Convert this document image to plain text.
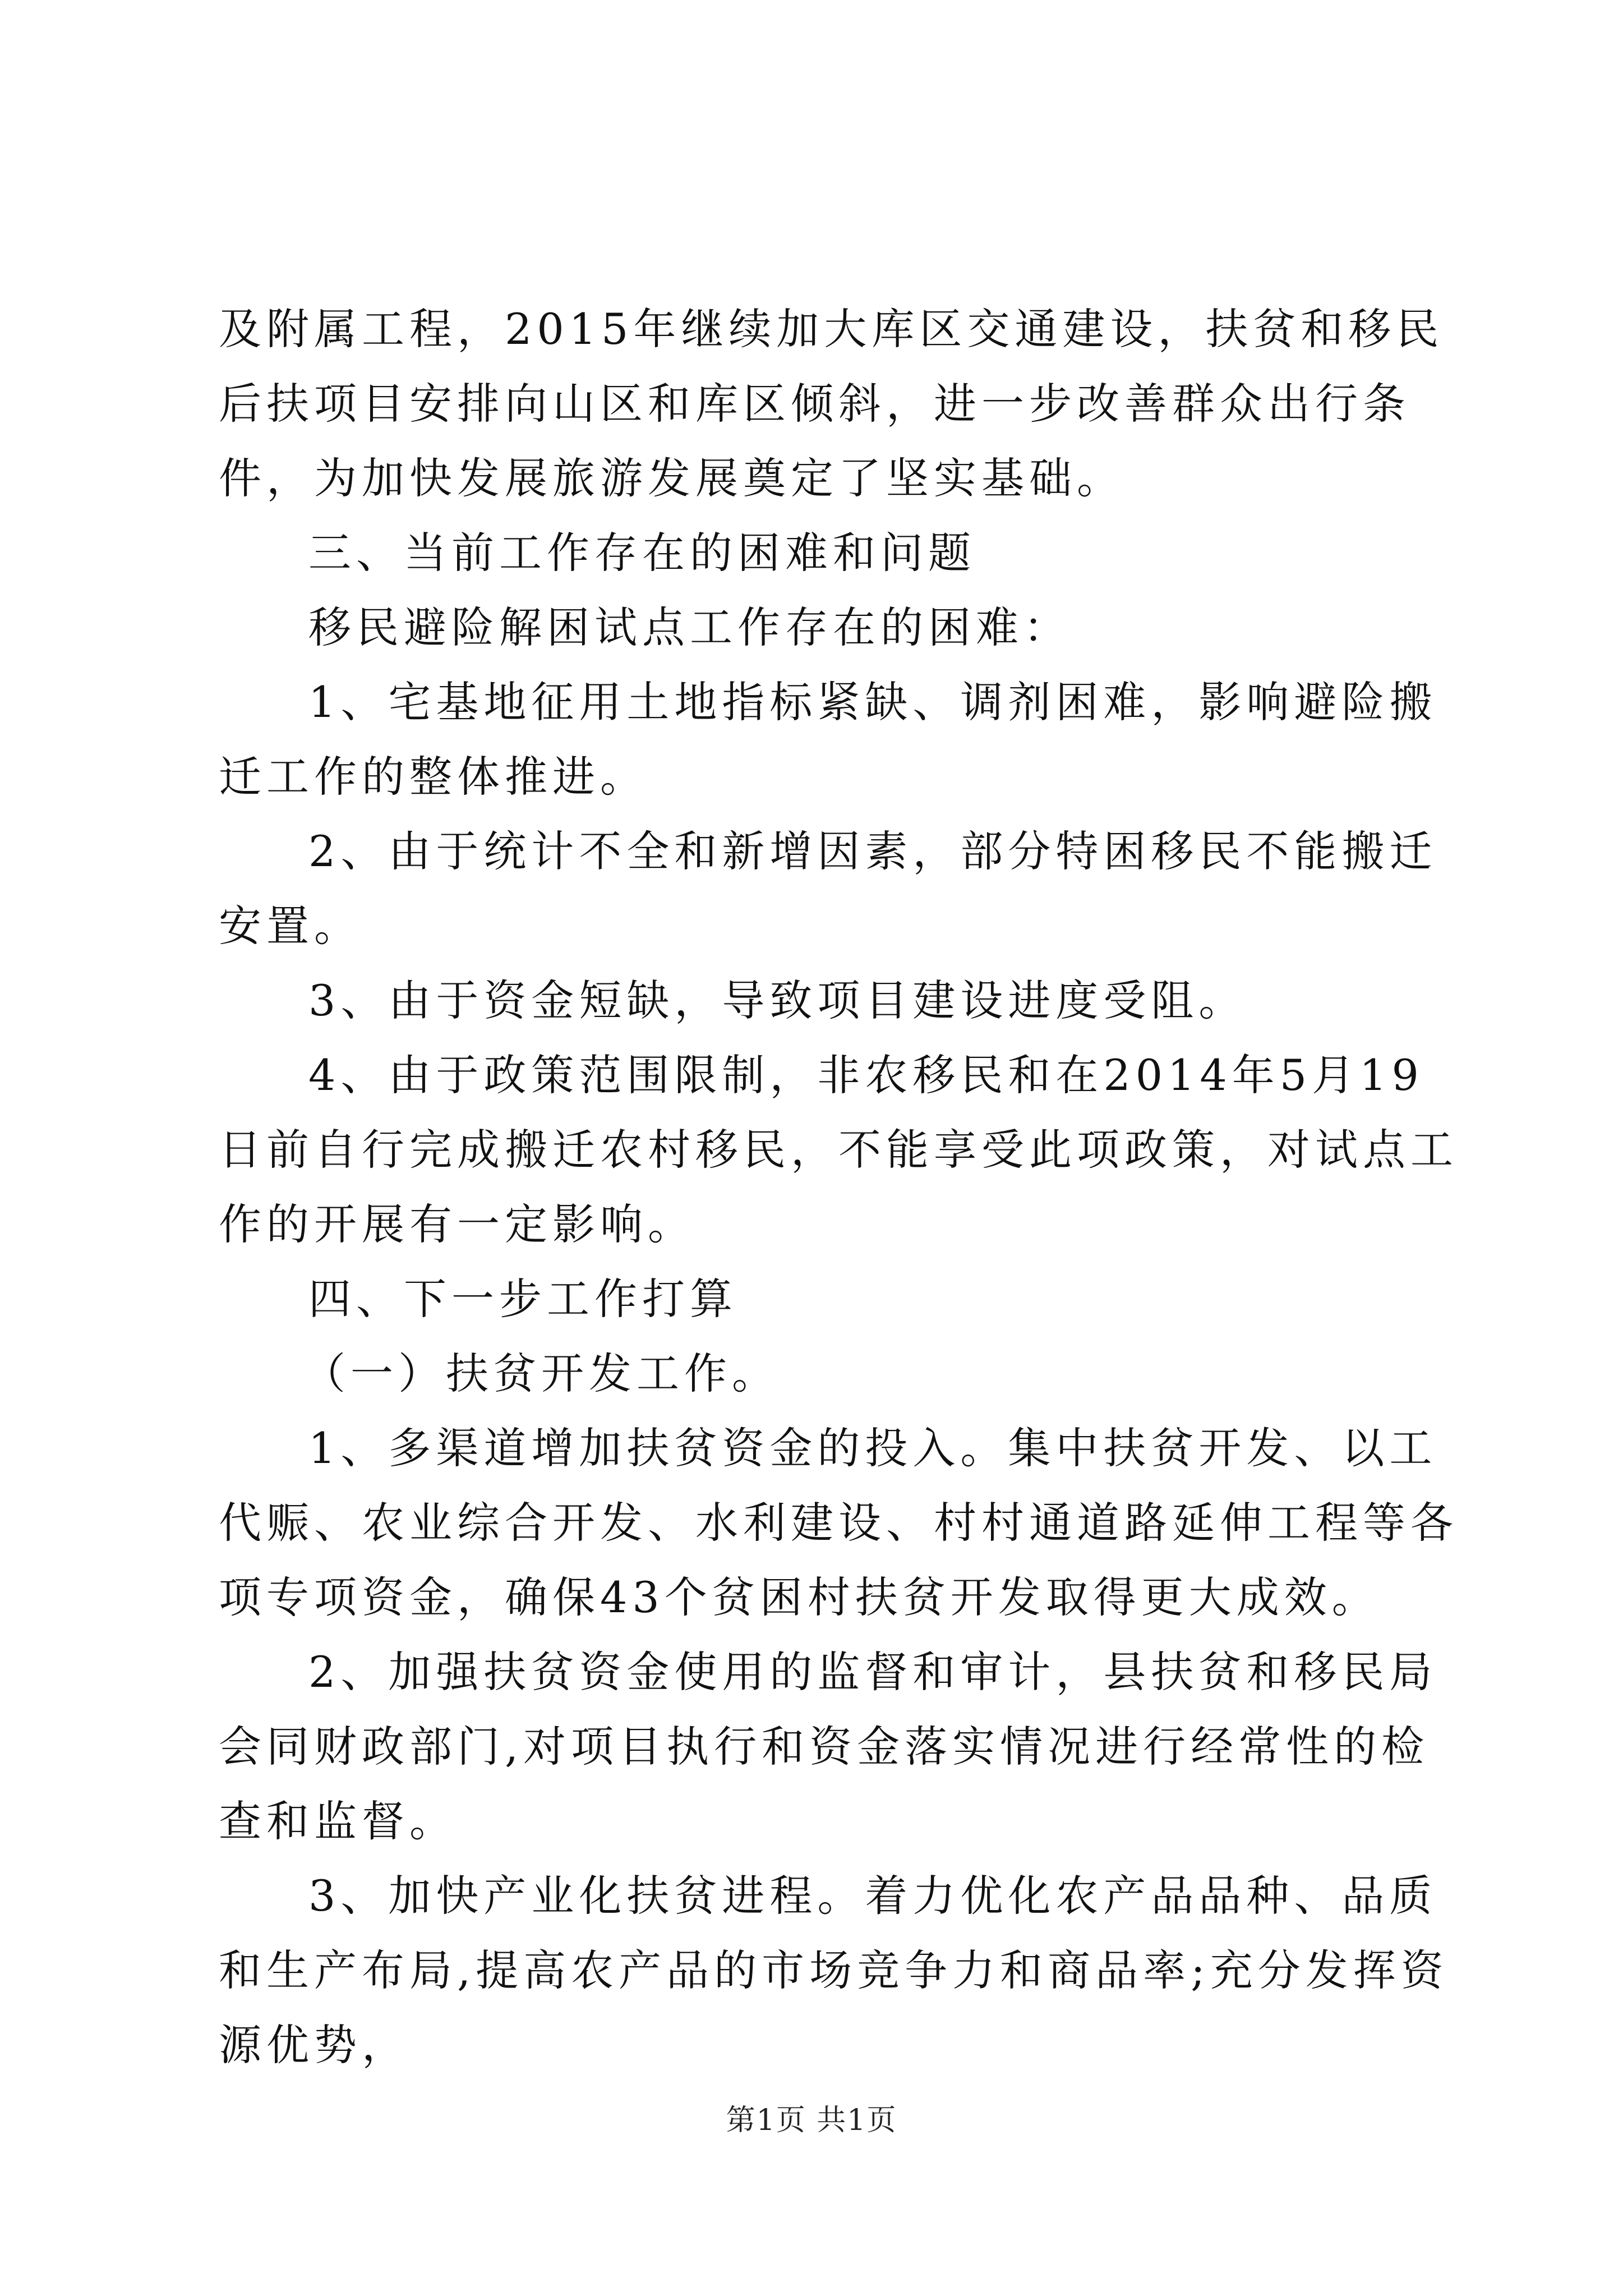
及附属工程，2015年继续加大库区交通建设，扶贫和移民后扶项目安排向山区和库区倾斜，进一步改善群众出行条件，为加快发展旅游发展奠定了坚实基础。

三、当前工作存在的困难和问题

移民避险解困试点工作存在的困难：

1、宅基地征用土地指标紧缺、调剂困难，影响避险搬迁工作的整体推进。

2、由于统计不全和新增因素，部分特困移民不能搬迁安置。

3、由于资金短缺，导致项目建设进度受阻。

4、由于政策范围限制，非农移民和在2014年5月19日前自行完成搬迁农村移民，不能享受此项政策，对试点工作的开展有一定影响。

四、下一步工作打算

（一）扶贫开发工作。

1、多渠道增加扶贫资金的投入。集中扶贫开发、以工代赈、农业综合开发、水利建设、村村通道路延伸工程等各项专项资金，确保43个贫困村扶贫开发取得更大成效。

2、加强扶贫资金使用的监督和审计，县扶贫和移民局会同财政部门,对项目执行和资金落实情况进行经常性的检查和监督。

3、加快产业化扶贫进程。着力优化农产品品种、品质和生产布局,提高农产品的市场竞争力和商品率;充分发挥资源优势，

第1页 共1页
